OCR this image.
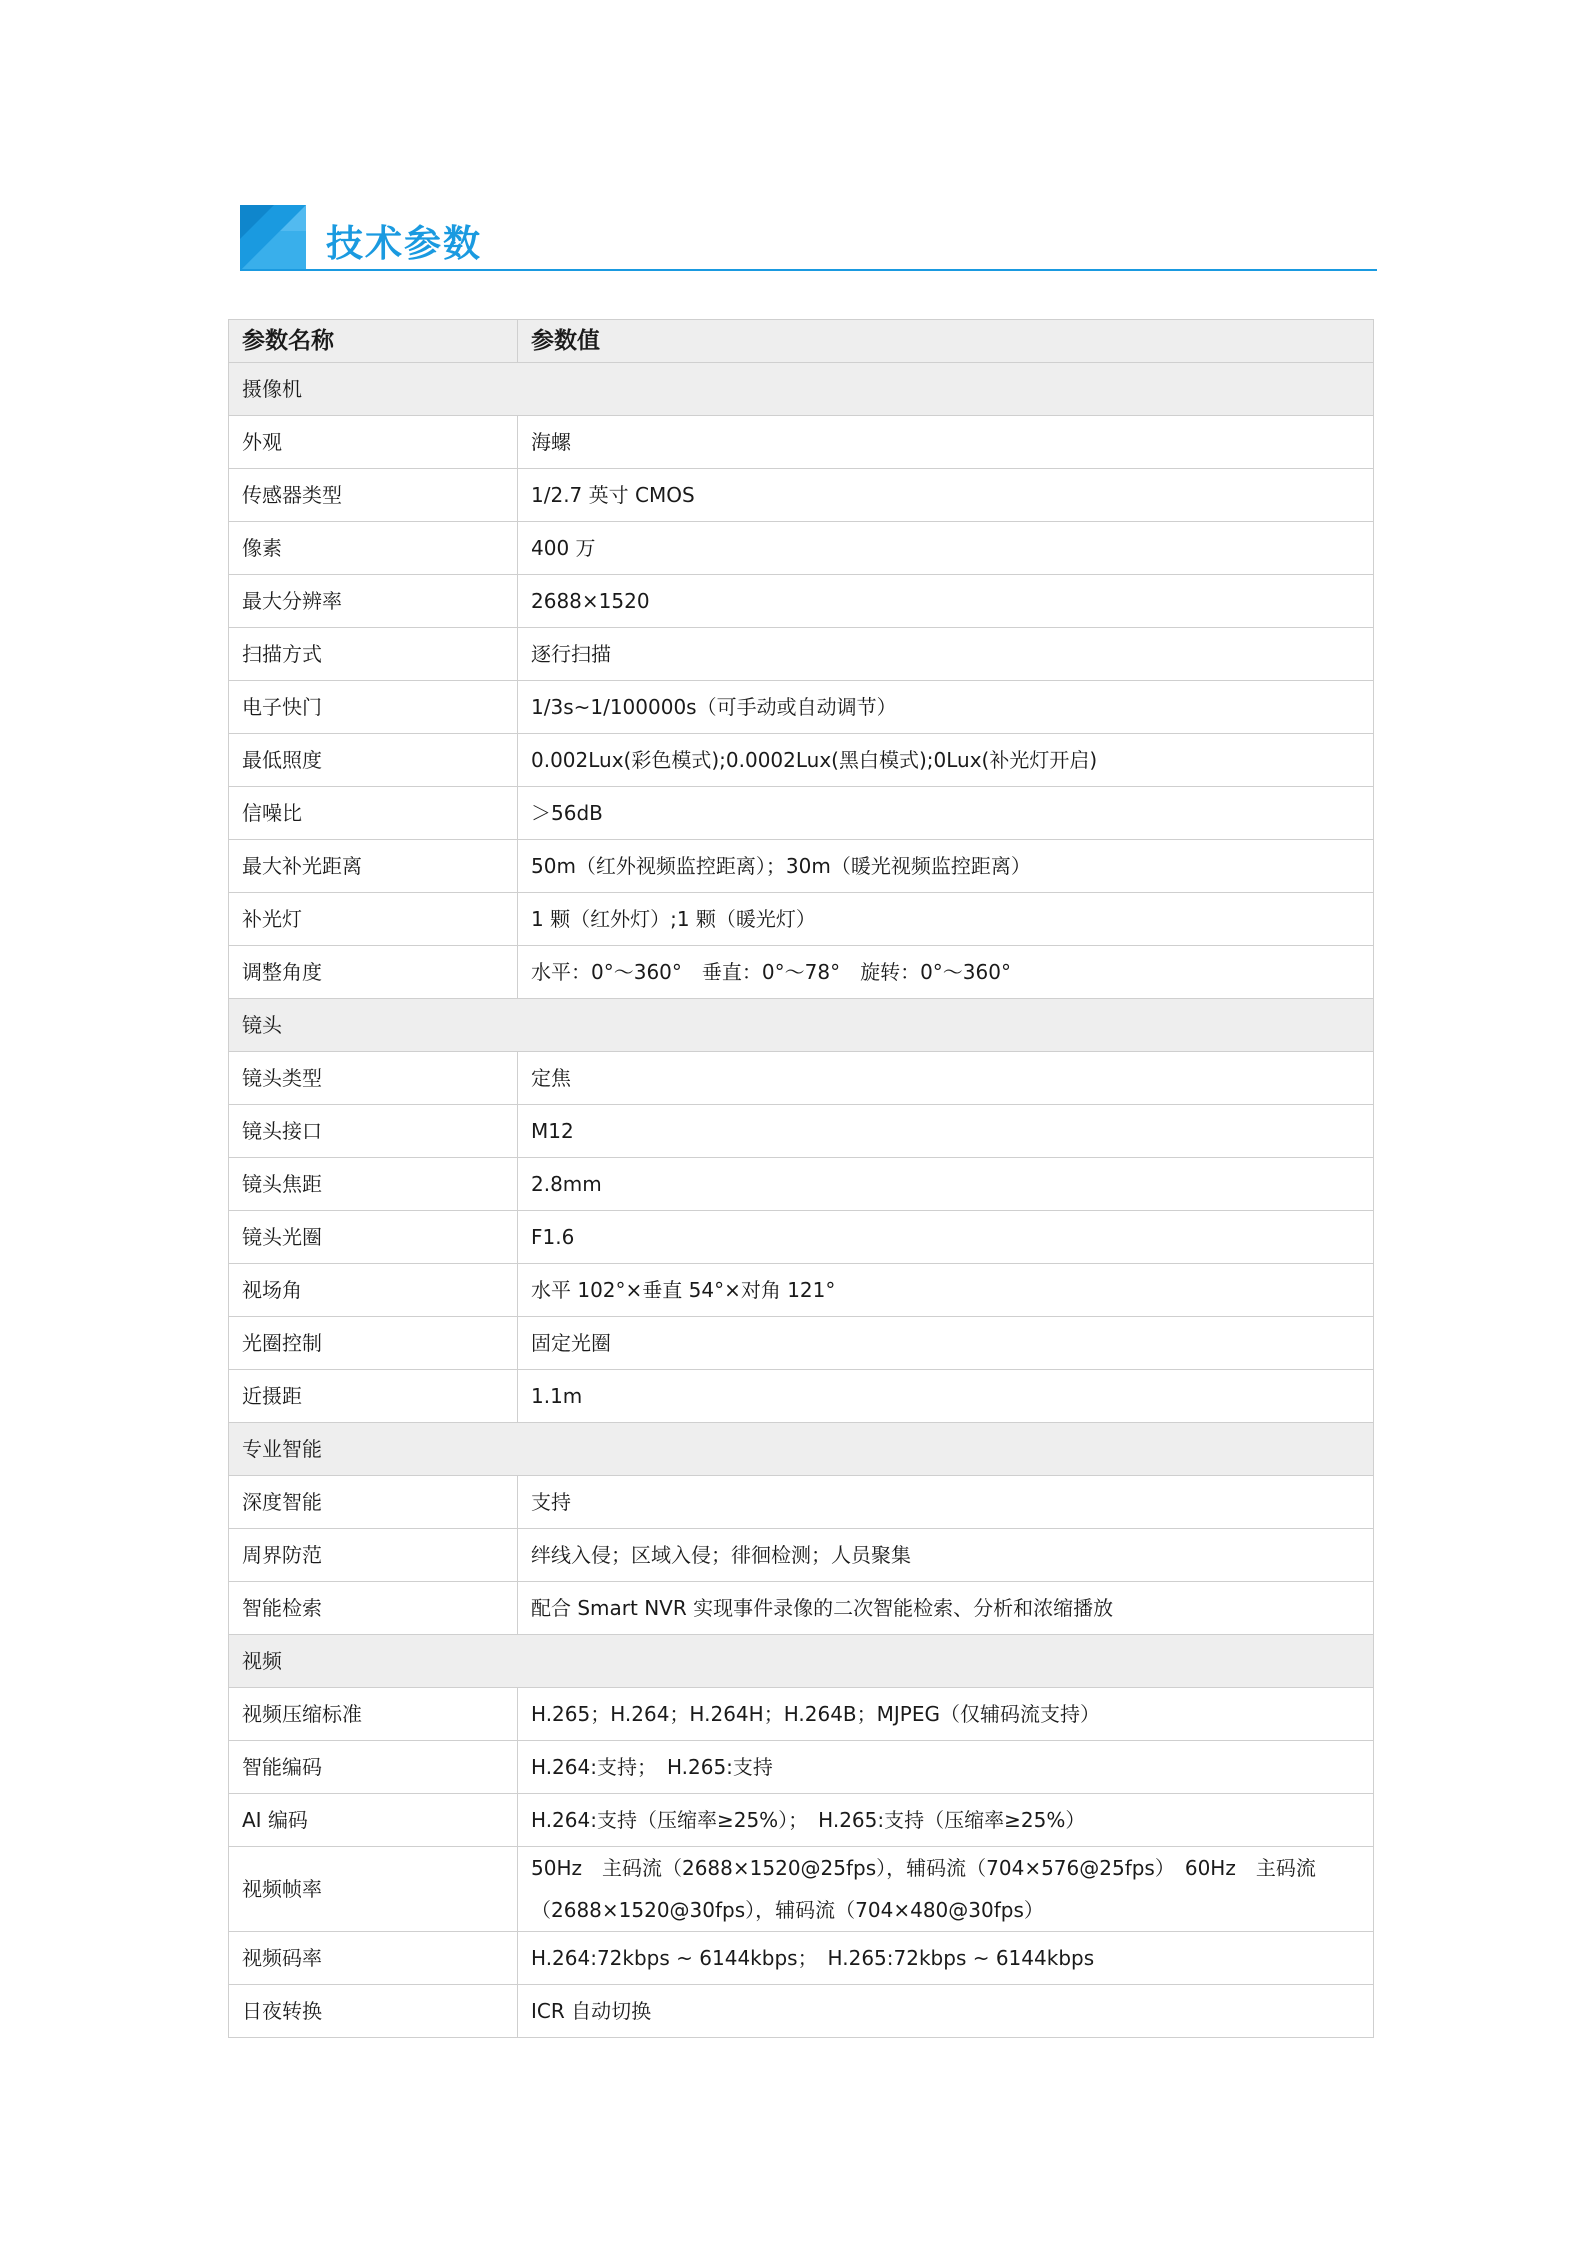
技术参数
参数名称	参数值
摄像机	
外观	海螺
传感器类型	1/2.7 英寸 CMOS
像素	400 万
最大分辨率	2688×1520
扫描方式	逐行扫描
电子快门	1/3s~1/100000s（可手动或自动调节）
最低照度	0.002Lux(彩色模式);0.0002Lux(黑白模式);0Lux(补光灯开启)
信噪比	＞56dB
最大补光距离	50m（红外视频监控距离）；30m（暖光视频监控距离）
补光灯	1 颗（红外灯）;1 颗（暖光灯）
调整角度	水平：0°～360°　垂直：0°～78°　旋转：0°～360°
镜头	
镜头类型	定焦
镜头接口	M12
镜头焦距	2.8mm
镜头光圈	F1.6
视场角	水平 102°×垂直 54°×对角 121°
光圈控制	固定光圈
近摄距	1.1m
专业智能	
深度智能	支持
周界防范	绊线入侵；区域入侵；徘徊检测；人员聚集
智能检索	配合 Smart NVR 实现事件录像的二次智能检索、分析和浓缩播放
视频	
视频压缩标准	H.265；H.264；H.264H；H.264B；MJPEG（仅辅码流支持）
智能编码	H.264:支持；　H.265:支持
AI 编码	H.264:支持（压缩率≥25%）；　H.265:支持（压缩率≥25%）
视频帧率	50Hz　主码流（2688×1520@25fps），辅码流（704×576@25fps）　60Hz　主码流（2688×1520@30fps），辅码流（704×480@30fps）
视频码率	H.264:72kbps ~ 6144kbps；　H.265:72kbps ~ 6144kbps
日夜转换	ICR 自动切换
